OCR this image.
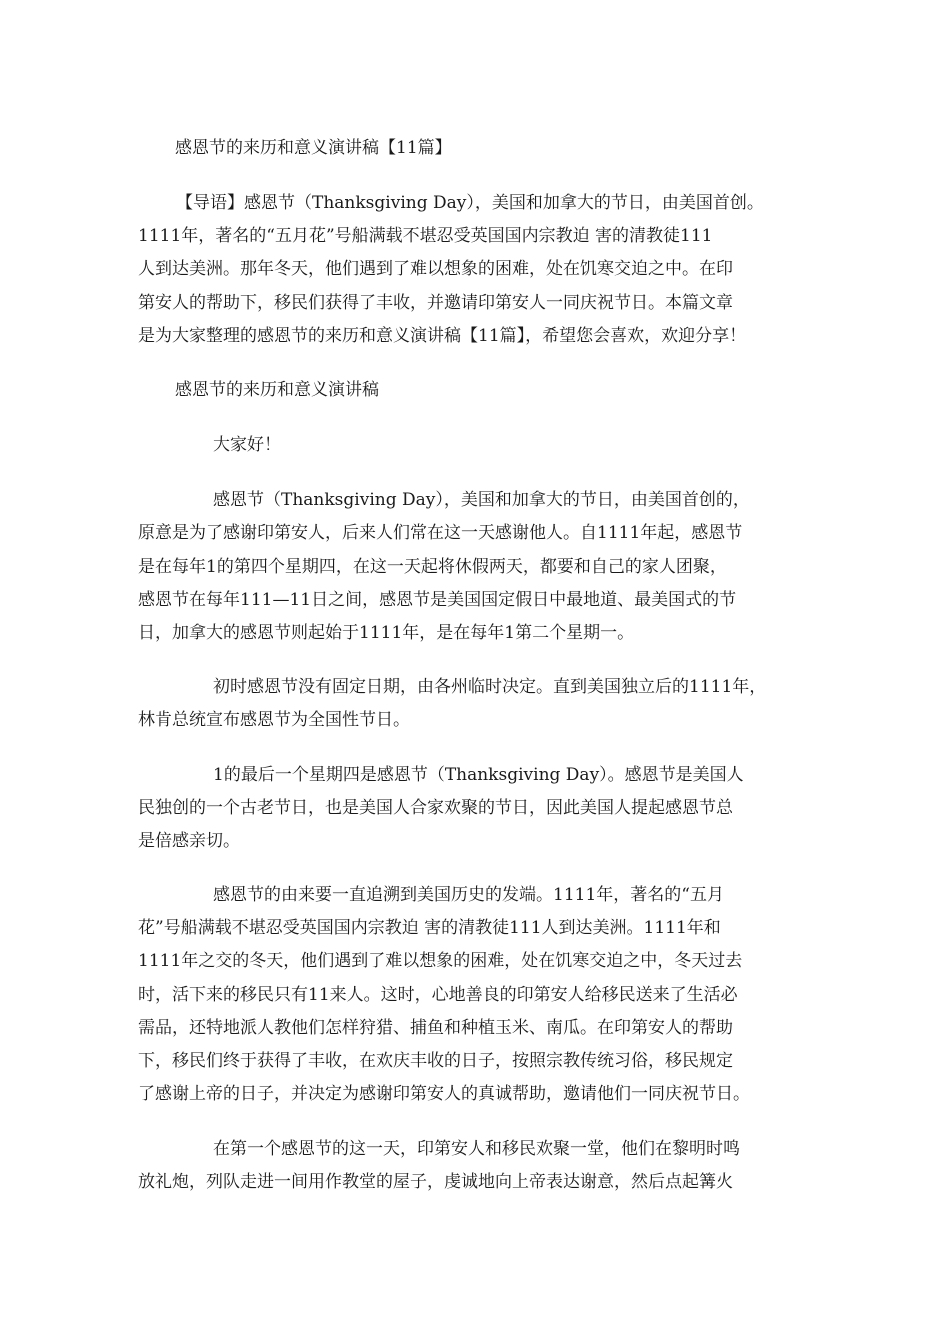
感恩节的来历和意义演讲稿【11篇】
【导语】感恩节（Thanksgiving Day），美国和加拿大的节日，由美国首创。
1111年，著名的“五月花”号船满载不堪忍受英国国内宗教迫 害的清教徒111
人到达美洲。那年冬天，他们遇到了难以想象的困难，处在饥寒交迫之中。在印
第安人的帮助下，移民们获得了丰收，并邀请印第安人一同庆祝节日。本篇文章
是为大家整理的感恩节的来历和意义演讲稿【11篇】，希望您会喜欢，欢迎分享！
感恩节的来历和意义演讲稿
大家好！
感恩节（Thanksgiving Day），美国和加拿大的节日，由美国首创的，
原意是为了感谢印第安人，后来人们常在这一天感谢他人。自1111年起，感恩节
是在每年1的第四个星期四，在这一天起将休假两天，都要和自己的家人团聚，
感恩节在每年111—11日之间，感恩节是美国国定假日中最地道、最美国式的节
日，加拿大的感恩节则起始于1111年，是在每年1第二个星期一。
初时感恩节没有固定日期，由各州临时决定。直到美国独立后的1111年，
林肯总统宣布感恩节为全国性节日。
1的最后一个星期四是感恩节（Thanksgiving Day）。感恩节是美国人
民独创的一个古老节日，也是美国人合家欢聚的节日，因此美国人提起感恩节总
是倍感亲切。
感恩节的由来要一直追溯到美国历史的发端。1111年，著名的“五月
花”号船满载不堪忍受英国国内宗教迫 害的清教徒111人到达美洲。1111年和
1111年之交的冬天，他们遇到了难以想象的困难，处在饥寒交迫之中，冬天过去
时，活下来的移民只有11来人。这时，心地善良的印第安人给移民送来了生活必
需品，还特地派人教他们怎样狩猎、捕鱼和种植玉米、南瓜。在印第安人的帮助
下，移民们终于获得了丰收，在欢庆丰收的日子，按照宗教传统习俗，移民规定
了感谢上帝的日子，并决定为感谢印第安人的真诚帮助，邀请他们一同庆祝节日。
在第一个感恩节的这一天，印第安人和移民欢聚一堂，他们在黎明时鸣
放礼炮，列队走进一间用作教堂的屋子，虔诚地向上帝表达谢意，然后点起篝火
